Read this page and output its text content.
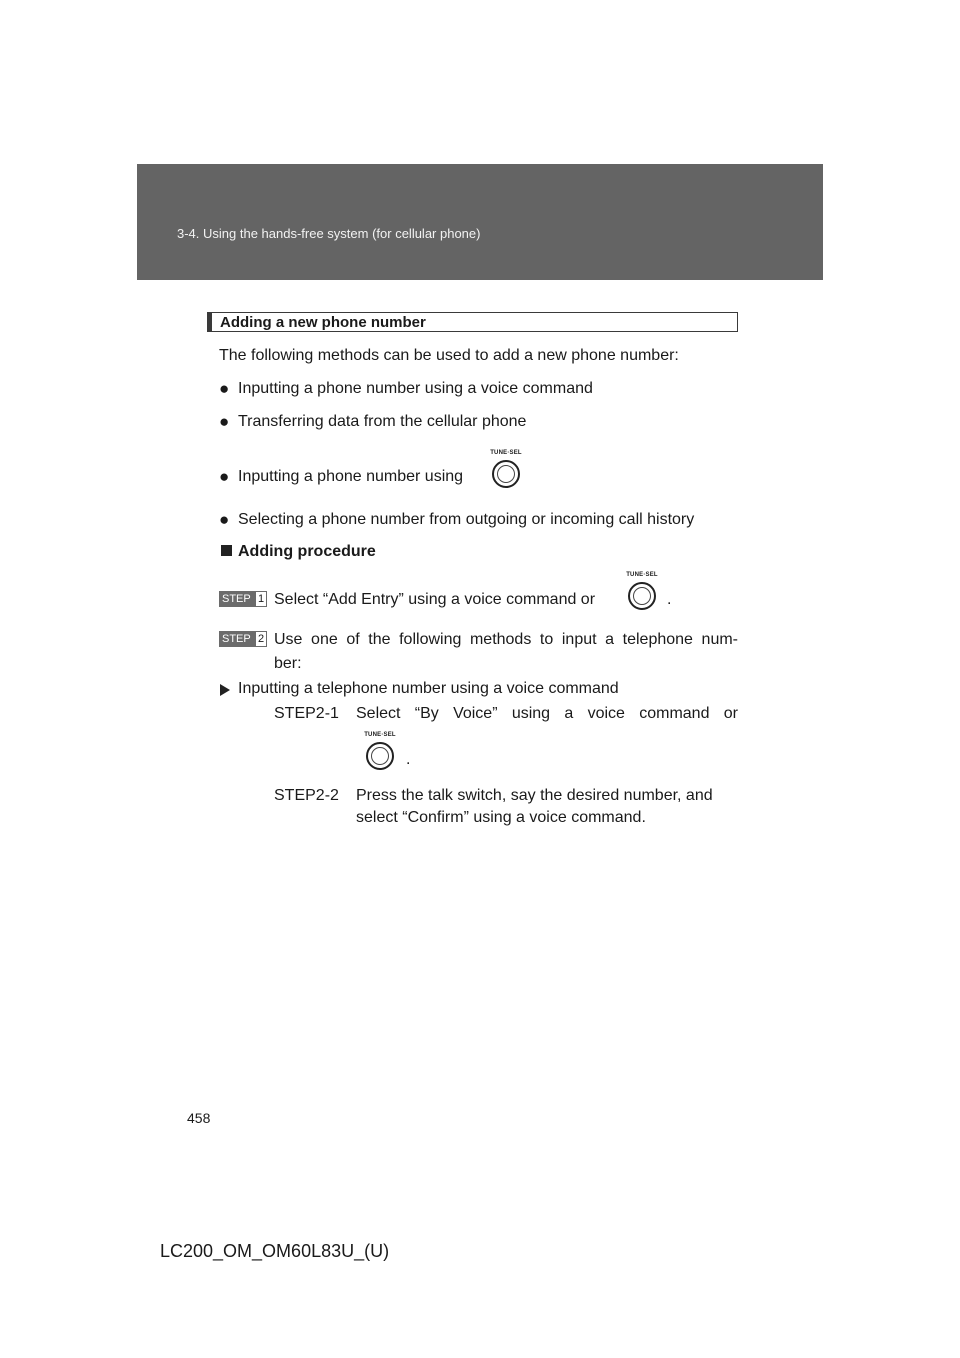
3-4. Using the hands-free system (for cellular phone)
Adding a new phone number
The following methods can be used to add a new phone number:
● Inputting a phone number using a voice command
● Transferring data from the cellular phone
● Inputting a phone number using
TUNE·SEL
● Selecting a phone number from outgoing or incoming call history
Adding procedure
STEP 1 Select “Add Entry” using a voice command or
TUNE·SEL
.
STEP 2 Use one of the following methods to input a telephone num-
ber:
Inputting a telephone number using a voice command
STEP2-1 Select “By Voice” using a voice command or
TUNE·SEL
.
STEP2-2 Press the talk switch, say the desired number, and
select “Confirm” using a voice command.
458
LC200_OM_OM60L83U_(U)
